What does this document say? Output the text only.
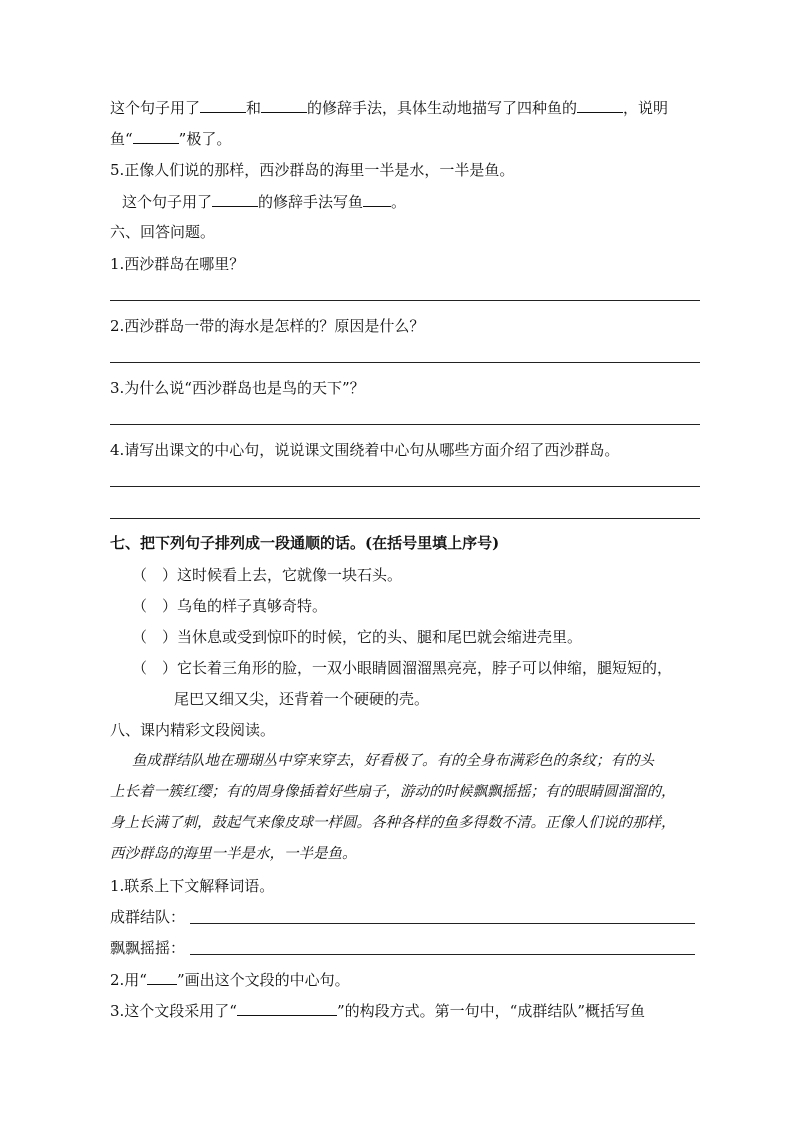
这个句子用了	和	的修辞手法，具体生动地描写了四种鱼的	，说明
鱼“	”极了。
5.正像人们说的那样，西沙群岛的海里一半是水，一半是鱼。
这个句子用了	的修辞手法写鱼 。
六、回答问题。
1.西沙群岛在哪里？
2.西沙群岛一带的海水是怎样的？原因是什么？
3.为什么说“西沙群岛也是鸟的天下”？
4.请写出课文的中心句，说说课文围绕着中心句从哪些方面介绍了西沙群岛。
七、把下列句子排列成一段通顺的话。(在括号里填上序号)
（　）这时候看上去，它就像一块石头。
（　）乌龟的样子真够奇特。
（　）当休息或受到惊吓的时候，它的头、腿和尾巴就会缩进壳里。
（　）它长着三角形的脸，一双小眼睛圆溜溜黑亮亮，脖子可以伸缩，腿短短的，
尾巴又细又尖，还背着一个硬硬的壳。
八、课内精彩文段阅读。
鱼成群结队地在珊瑚丛中穿来穿去，好看极了。有的全身布满彩色的条纹；有的头
上长着一簇红缨；有的周身像插着好些扇子，游动的时候飘飘摇摇；有的眼睛圆溜溜的，
身上长满了刺，鼓起气来像皮球一样圆。各种各样的鱼多得数不清。正像人们说的那样，
西沙群岛的海里一半是水，一半是鱼。
1.联系上下文解释词语。
成群结队：
飘飘摇摇：
2.用“ ”画出这个文段的中心句。
3.这个文段采用了“	”的构段方式。第一句中，“成群结队”概括写鱼
